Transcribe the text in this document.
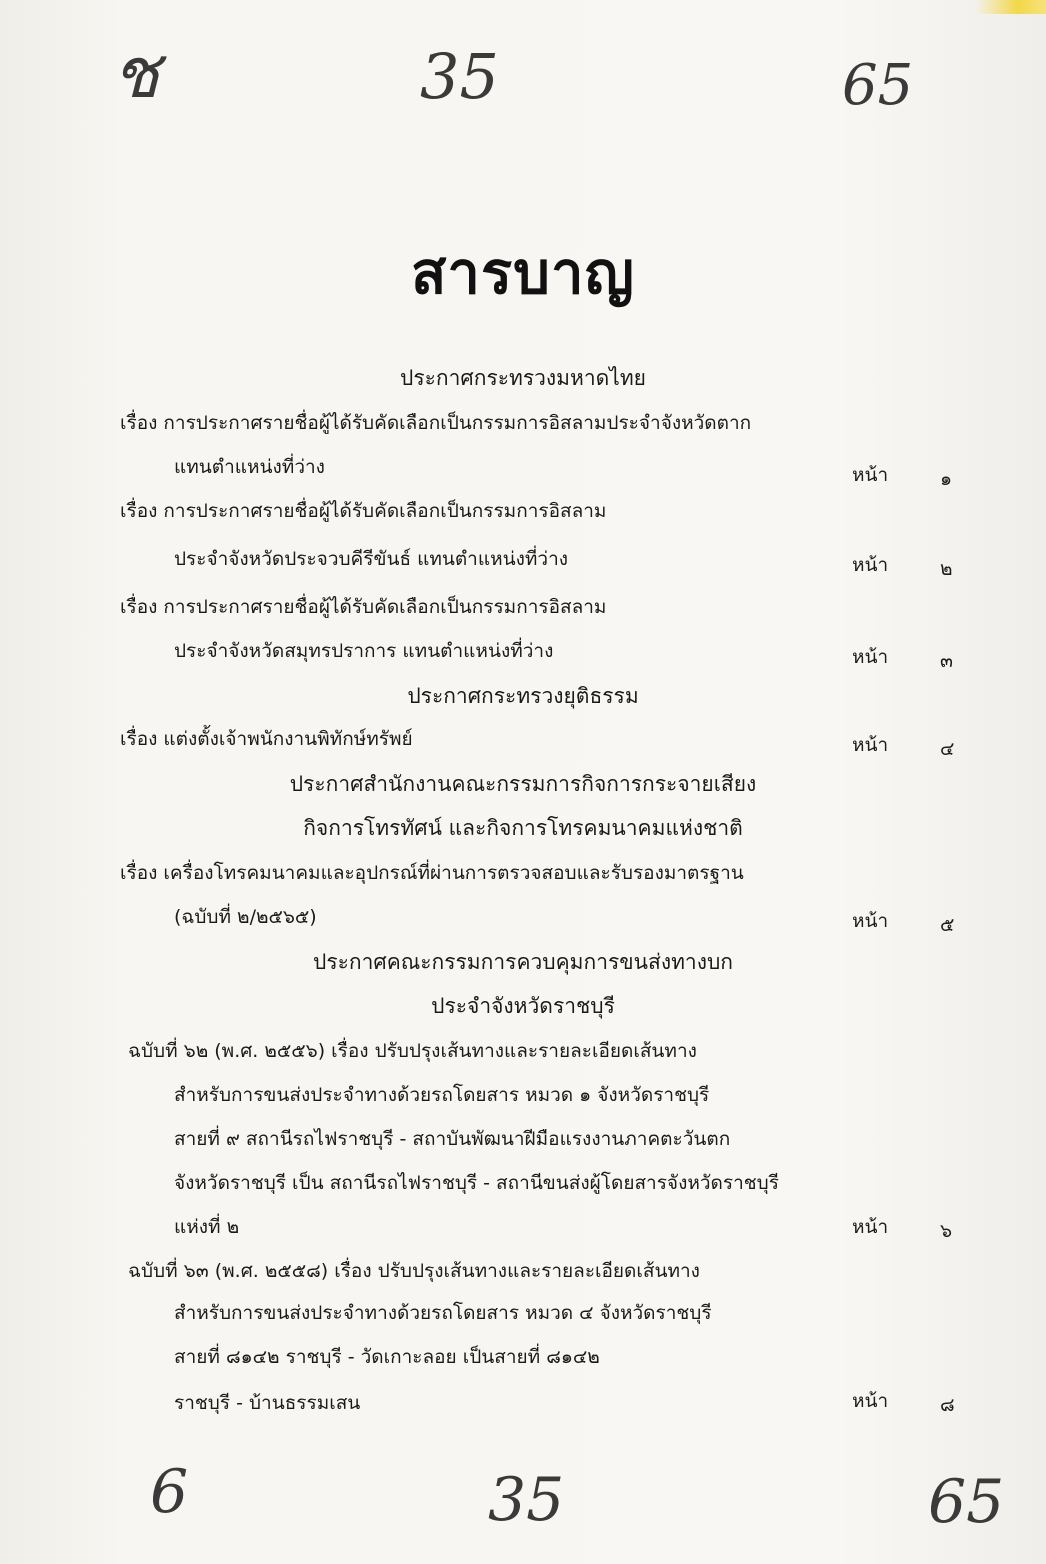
ช	35	65
6	35	65
สารบาญ
ประกาศกระทรวงมหาดไทย
เรื่อง การประกาศรายชื่อผู้ได้รับคัดเลือกเป็นกรรมการอิสลามประจำจังหวัดตาก
แทนตำแหน่งที่ว่าง	หน้า	๑
เรื่อง การประกาศรายชื่อผู้ได้รับคัดเลือกเป็นกรรมการอิสลาม
ประจำจังหวัดประจวบคีรีขันธ์ แทนตำแหน่งที่ว่าง	หน้า	๒
เรื่อง การประกาศรายชื่อผู้ได้รับคัดเลือกเป็นกรรมการอิสลาม
ประจำจังหวัดสมุทรปราการ แทนตำแหน่งที่ว่าง	หน้า	๓
ประกาศกระทรวงยุติธรรม
เรื่อง แต่งตั้งเจ้าพนักงานพิทักษ์ทรัพย์	หน้า	๔
ประกาศสำนักงานคณะกรรมการกิจการกระจายเสียง
กิจการโทรทัศน์ และกิจการโทรคมนาคมแห่งชาติ
เรื่อง เครื่องโทรคมนาคมและอุปกรณ์ที่ผ่านการตรวจสอบและรับรองมาตรฐาน
(ฉบับที่ ๒/๒๕๖๕)	หน้า	๕
ประกาศคณะกรรมการควบคุมการขนส่งทางบก
ประจำจังหวัดราชบุรี
ฉบับที่ ๖๒ (พ.ศ. ๒๕๕๖) เรื่อง ปรับปรุงเส้นทางและรายละเอียดเส้นทาง
สำหรับการขนส่งประจำทางด้วยรถโดยสาร หมวด ๑ จังหวัดราชบุรี
สายที่ ๙ สถานีรถไฟราชบุรี - สถาบันพัฒนาฝีมือแรงงานภาคตะวันตก
จังหวัดราชบุรี เป็น สถานีรถไฟราชบุรี - สถานีขนส่งผู้โดยสารจังหวัดราชบุรี
แห่งที่ ๒	หน้า	๖
ฉบับที่ ๖๓ (พ.ศ. ๒๕๕๘) เรื่อง ปรับปรุงเส้นทางและรายละเอียดเส้นทาง
สำหรับการขนส่งประจำทางด้วยรถโดยสาร หมวด ๔ จังหวัดราชบุรี
สายที่ ๘๑๔๒ ราชบุรี - วัดเกาะลอย เป็นสายที่ ๘๑๔๒
ราชบุรี - บ้านธรรมเสน	หน้า	๘
